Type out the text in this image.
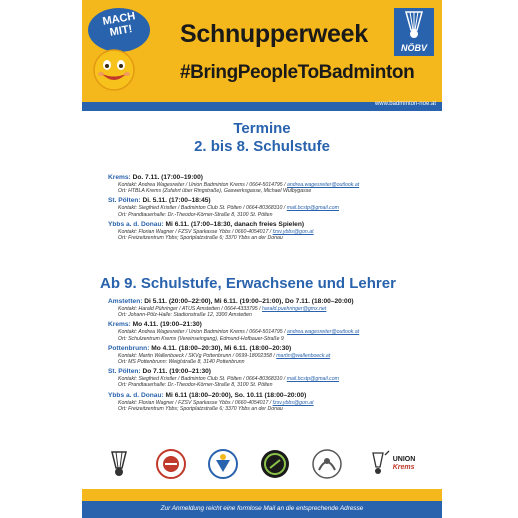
MACH MIT!	Schnupperweek
#BringPeopleToBadminton
NÖBV
www.badminton-noe.at
Termine
2. bis 8. Schulstufe
Krems: Do. 7.11. (17:00–19:00)
Kontakt: Andrea Wagesreiter / Union Badminton Krems / 0664-5014795 / andrea.wagesreiter@outlook.at
Ort: HTBLA Krems (Zufahrt über Ringstraße), Gaswerksgasse, Michael Wulbygasse
St. Pölten: Di. 5.11. (17:00–18:45)
Kontakt: Siegfried Kristler / Badminton Club St. Pölten / 0664-80368310 / mail.bcstp@gmail.com
Ort: Prandtauerhalle: Dr.-Theodor-Körner-Straße 8, 3100 St. Pölten
Ybbs a. d. Donau: Mi 6.11. (17:00–18:30, danach freies Spielen)
Kontakt: Florian Wagner / FZSV Sparkasse Ybbs / 0660-4054017 / fzsv.ybbs@gon.at
Ort: Freizeitzentrum Ybbs; Sportplatzstraße 6; 3370 Ybbs an der Donau
Ab 9. Schulstufe, Erwachsene und Lehrer
Amstetten: Di 5.11. (20:00–22:00), Mi 6.11. (19:00–21:00), Do 7.11. (18:00–20:00)
Kontakt: Harald Pühringer / ATUS Amstetten / 0664-4333795 / harald.puehringer@gmx.net
Ort: Johann-Pölz-Halle: Stadionstraße 12, 3300 Amstetten
Krems: Mo 4.11. (19:00–21:30)
Kontakt: Andrea Wagesreiter / Union Badminton Krems / 0664-5014795 / andrea.wagesreiter@outlook.at
Ort: Schulzentrum Krems (Vereinseingang), Edmund-Hofbauer-Straße 9
Pottenbrunn: Mo 4.11. (18:00–20:30), Mi 6.11. (18:00–20:30)
Kontakt: Martin Wallenboeck / SKVg Pottenbrunn / 0699-18002358 / martin@wallenboeck.at
Ort: MS Pottenbrunn: Weiglstraße 8, 3140 Pottenbrunn
St. Pölten: Do 7.11. (19:00–21:30)
Kontakt: Siegfried Kristler / Badminton Club St. Pölten / 0664-80368310 / mail.bcstp@gmail.com
Ort: Prandtauerhalle: Dr.-Theodor-Körner-Straße 8, 3100 St. Pölten
Ybbs a. d. Donau: Mi 6.11 (18:00–20:00), So. 10.11 (18:00–20:00)
Kontakt: Florian Wagner / FZSV Sparkasse Ybbs / 0660-4054017 / fzsv.ybbs@gon.at
Ort: Freizeitzentrum Ybbs; Sportplatzstraße 6; 3370 Ybbs an der Donau
UNION
Krems
Zur Anmeldung reicht eine formlose Mail an die entsprechende Adresse
